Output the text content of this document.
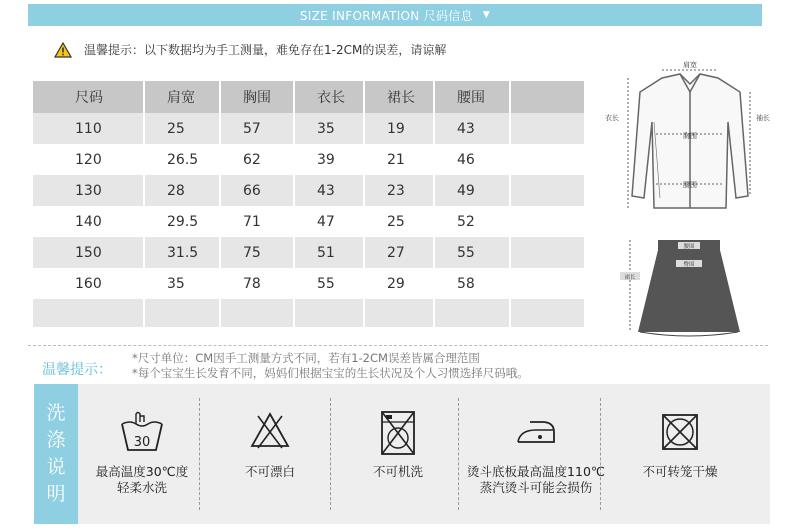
SIZE INFORMATION 尺码信息 ▼
温馨提示：以下数据均为手工测量，难免存在1-2CM的误差，请谅解
尺码	肩宽	胸围	衣长	裙长	腰围	
110	25	57	35	19	43	
120	26.5	62	39	21	46	
130	28	66	43	23	49	
140	29.5	71	47	25	52	
150	31.5	75	51	27	55	
160	35	78	55	29	58	

肩宽
衣长	袖长
胸围
腰围
腰围
臀围
裙长
温馨提示：
*尺寸单位：CM因手工测量方式不同，若有1-2CM误差皆属合理范围
*每个宝宝生长发育不同，妈妈们根据宝宝的生长状况及个人习惯选择尺码哦。
洗
涤
说
明
30
最高温度30℃度
轻柔水洗
不可漂白	不可机洗	烫斗底板最高温度110℃
蒸汽烫斗可能会损伤
不可转笼干燥
